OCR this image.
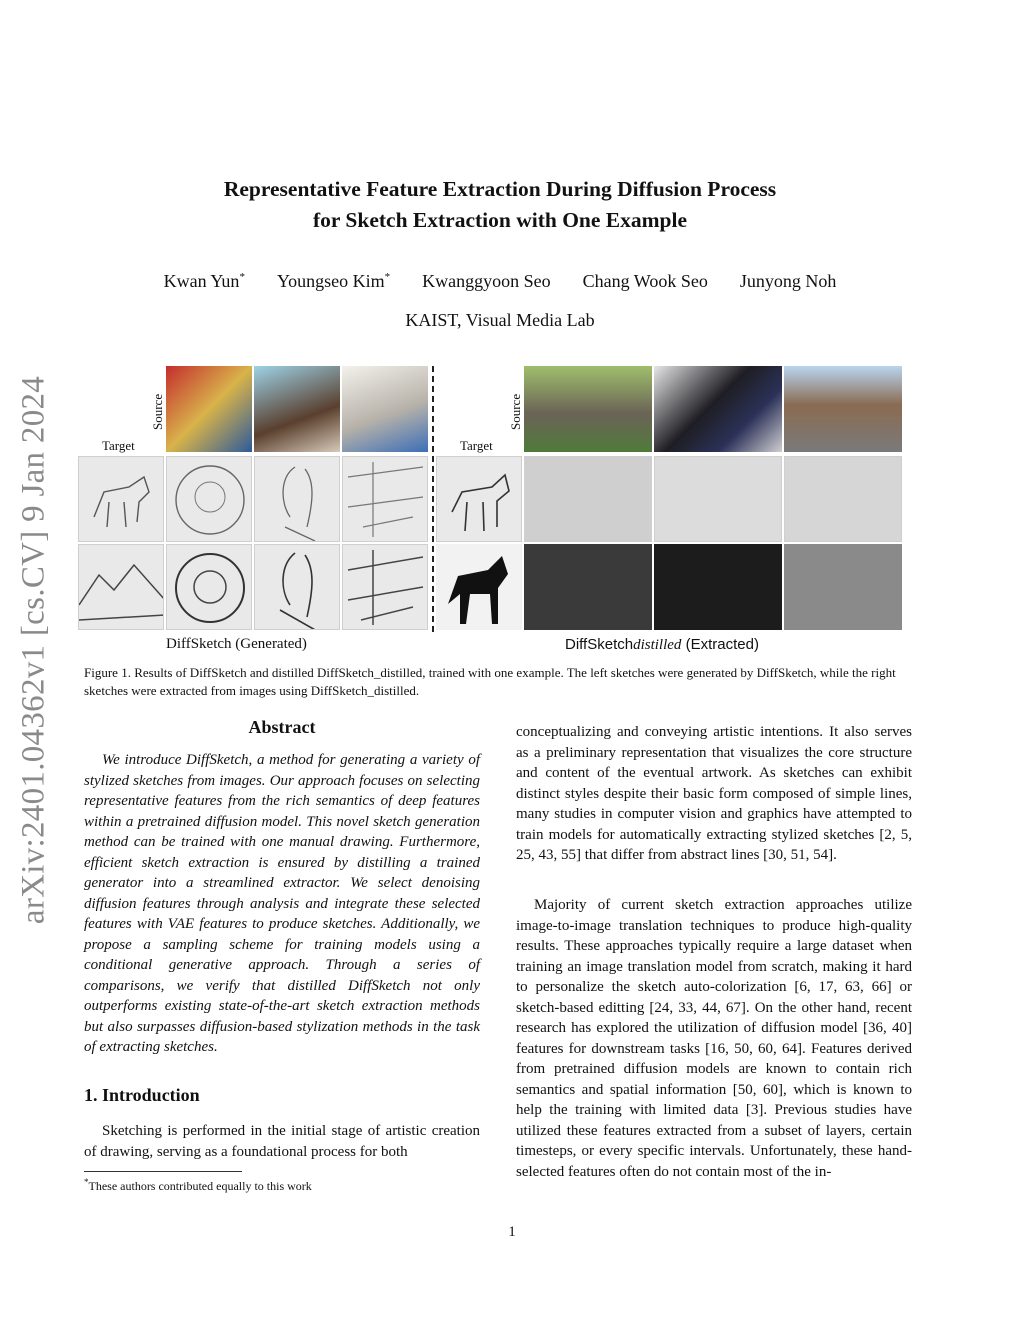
arXiv:2401.04362v1 [cs.CV] 9 Jan 2024
Representative Feature Extraction During Diffusion Process
for Sketch Extraction with One Example
Kwan Yun* Youngseo Kim* Kwanggyoon Seo Chang Wook Seo Junyong Noh
KAIST, Visual Media Lab
Source
Target
Source
Target
DiffSketch (Generated)	DiffSketchdistilled (Extracted)
Figure 1. Results of DiffSketch and distilled DiffSketch_distilled, trained with one example. The left sketches were generated by DiffSketch, while the right sketches were extracted from images using DiffSketch_distilled.
Abstract
We introduce DiffSketch, a method for generating a variety of stylized sketches from images. Our approach focuses on selecting representative features from the rich semantics of deep features within a pretrained diffusion model. This novel sketch generation method can be trained with one manual drawing. Furthermore, efficient sketch extraction is ensured by distilling a trained generator into a streamlined extractor. We select denoising diffusion features through analysis and integrate these selected features with VAE features to produce sketches. Additionally, we propose a sampling scheme for training models using a conditional generative approach. Through a series of comparisons, we verify that distilled DiffSketch not only outperforms existing state-of-the-art sketch extraction methods but also surpasses diffusion-based stylization methods in the task of extracting sketches.
1. Introduction
Sketching is performed in the initial stage of artistic creation of drawing, serving as a foundational process for both
*These authors contributed equally to this work
conceptualizing and conveying artistic intentions. It also serves as a preliminary representation that visualizes the core structure and content of the eventual artwork. As sketches can exhibit distinct styles despite their basic form composed of simple lines, many studies in computer vision and graphics have attempted to train models for automatically extracting stylized sketches [2, 5, 25, 43, 55] that differ from abstract lines [30, 51, 54].
Majority of current sketch extraction approaches utilize image-to-image translation techniques to produce high-quality results. These approaches typically require a large dataset when training an image translation model from scratch, making it hard to personalize the sketch auto-colorization [6, 17, 63, 66] or sketch-based editting [24, 33, 44, 67]. On the other hand, recent research has explored the utilization of diffusion model [36, 40] features for downstream tasks [16, 50, 60, 64]. Features derived from pretrained diffusion models are known to contain rich semantics and spatial information [50, 60], which is known to help the training with limited data [3]. Previous studies have utilized these features extracted from a subset of layers, certain timesteps, or every specific intervals. Unfortunately, these hand-selected features often do not contain most of the in-
1
